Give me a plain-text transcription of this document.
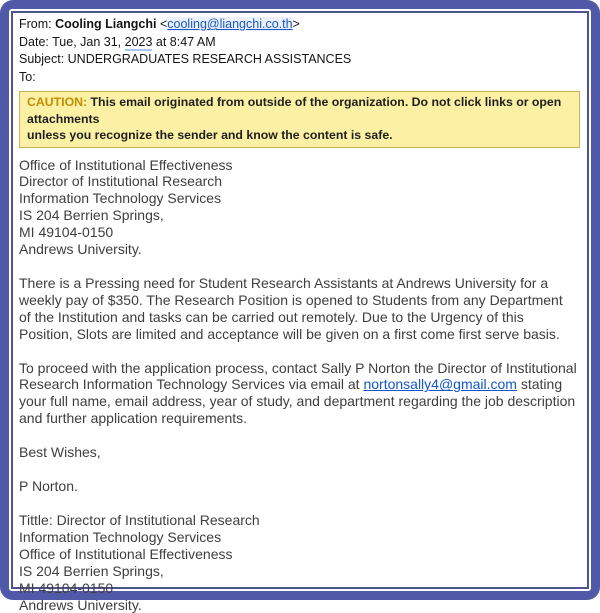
From: Cooling Liangchi <cooling@liangchi.co.th>
Date: Tue, Jan 31, 2023 at 8:47 AM
Subject: UNDERGRADUATES RESEARCH ASSISTANCES
To:
CAUTION: This email originated from outside of the organization. Do not click links or open attachments
unless you recognize the sender and know the content is safe.

Office of Institutional Effectiveness
Director of Institutional Research
Information Technology Services
IS 204 Berrien Springs,
MI 49104-0150
Andrews University.

There is a Pressing need for Student Research Assistants at Andrews University for a
weekly pay of $350. The Research Position is opened to Students from any Department
of the Institution and tasks can be carried out remotely. Due to the Urgency of this
Position, Slots are limited and acceptance will be given on a first come first serve basis.

To proceed with the application process, contact Sally P Norton the Director of Institutional
Research Information Technology Services via email at nortonsally4@gmail.com stating
your full name, email address, year of study, and department regarding the job description
and further application requirements.

Best Wishes,

P Norton.

Tittle: Director of Institutional Research
Information Technology Services
Office of Institutional Effectiveness
IS 204 Berrien Springs,
MI 49104-0150
Andrews University.
